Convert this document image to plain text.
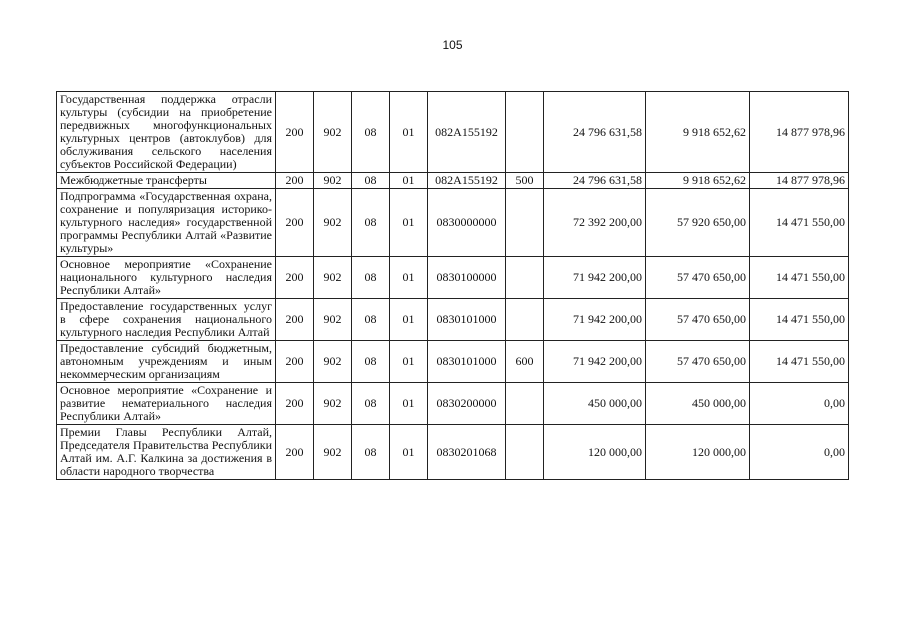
105
Государственная поддержка отрасли культуры (субсидии на приобретение передвижных многофункциональных культурных центров (автоклубов) для обслуживания сельского населения субъектов Российской Федерации)	200	902	08	01	082А155192		24 796 631,58	9 918 652,62	14 877 978,96
Межбюджетные трансферты	200	902	08	01	082А155192	500	24 796 631,58	9 918 652,62	14 877 978,96
Подпрограмма «Государственная охрана, сохранение и популяризация историко-культурного наследия» государственной программы Республики Алтай «Развитие культуры»	200	902	08	01	0830000000		72 392 200,00	57 920 650,00	14 471 550,00
Основное мероприятие «Сохранение национального культурного наследия Республики Алтай»	200	902	08	01	0830100000		71 942 200,00	57 470 650,00	14 471 550,00
Предоставление государственных услуг в сфере сохранения национального культурного наследия Республики Алтай	200	902	08	01	0830101000		71 942 200,00	57 470 650,00	14 471 550,00
Предоставление субсидий бюджетным, автономным учреждениям и иным некоммерческим организациям	200	902	08	01	0830101000	600	71 942 200,00	57 470 650,00	14 471 550,00
Основное мероприятие «Сохранение и развитие нематериального наследия Республики Алтай»	200	902	08	01	0830200000		450 000,00	450 000,00	0,00
Премии Главы Республики Алтай, Председателя Правительства Республики Алтай им. А.Г. Калкина за достижения в области народного творчества	200	902	08	01	0830201068		120 000,00	120 000,00	0,00
